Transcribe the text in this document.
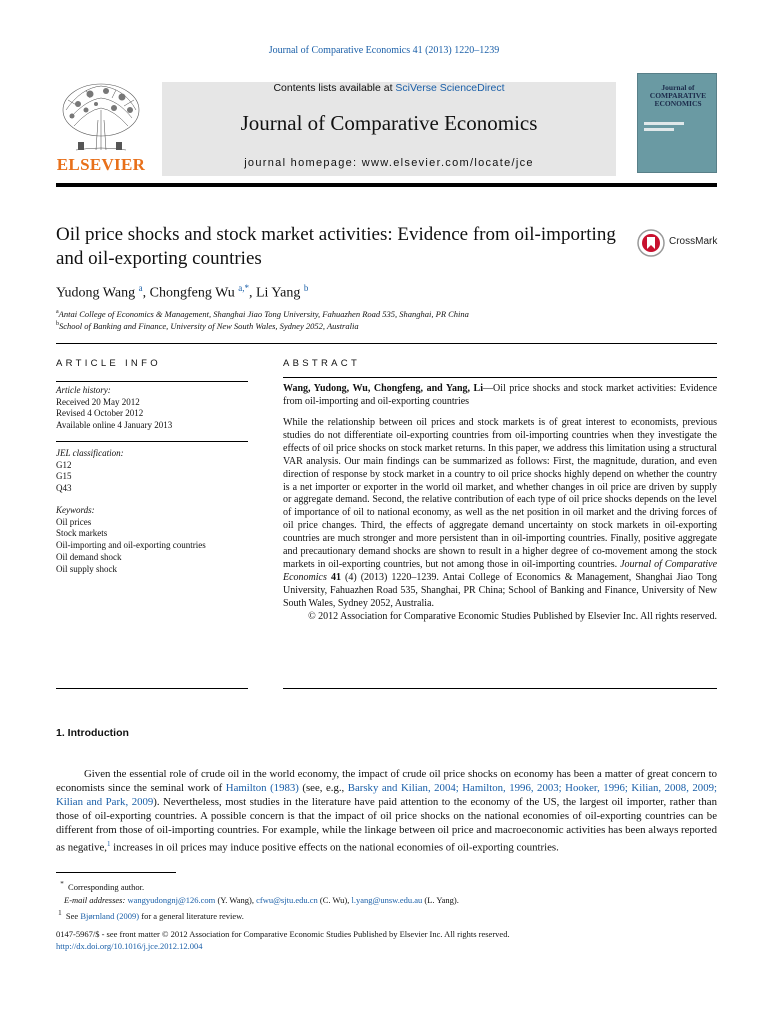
Journal of Comparative Economics 41 (2013) 1220–1239
ELSEVIER
Contents lists available at SciVerse ScienceDirect
Journal of Comparative Economics
journal homepage: www.elsevier.com/locate/jce
Journal of COMPARATIVE ECONOMICS
Oil price shocks and stock market activities: Evidence from oil-importing and oil-exporting countries
CrossMark
Yudong Wang $^a$, Chongfeng Wu $^{a,*}$, Li Yang $^b$
$^a$Antai College of Economics & Management, Shanghai Jiao Tong University, Fahuazhen Road 535, Shanghai, PR China
$^b$School of Banking and Finance, University of New South Wales, Sydney 2052, Australia
ARTICLE INFO
Article history:
Received 20 May 2012
Revised 4 October 2012
Available online 4 January 2013
JEL classification:
G12
G15
Q43
Keywords:
Oil prices
Stock markets
Oil-importing and oil-exporting countries
Oil demand shock
Oil supply shock
ABSTRACT
Wang, Yudong, Wu, Chongfeng, and Yang, Li—Oil price shocks and stock market activities: Evidence from oil-importing and oil-exporting countries
While the relationship between oil prices and stock markets is of great interest to economists, previous studies do not differentiate oil-exporting countries from oil-importing countries when they investigate the effects of oil price shocks on stock market returns. In this paper, we address this limitation using a structural VAR analysis. Our main findings can be summarized as follows: First, the magnitude, duration, and even direction of response by stock market in a country to oil price shocks highly depend on whether the country is a net importer or exporter in the world oil market, and whether changes in oil price are driven by supply or aggregate demand. Second, the relative contribution of each type of oil price shocks depends on the level of importance of oil to national economy, as well as the net position in oil market and the driving forces of oil price changes. Third, the effects of aggregate demand uncertainty on stock markets in oil-exporting countries are much stronger and more persistent than in oil-importing countries. Finally, positive aggregate and precautionary demand shocks are shown to result in a higher degree of co-movement among the stock markets in oil-exporting countries, but not among those in oil-importing countries. Journal of Comparative Economics 41 (4) (2013) 1220–1239. Antai College of Economics & Management, Shanghai Jiao Tong University, Fahuazhen Road 535, Shanghai, PR China; School of Banking and Finance, University of New South Wales, Sydney 2052, Australia.
© 2012 Association for Comparative Economic Studies Published by Elsevier Inc. All rights reserved.
1. Introduction
Given the essential role of crude oil in the world economy, the impact of crude oil price shocks on economy has been a matter of great concern to economists since the seminal work of Hamilton (1983) (see, e.g., Barsky and Kilian, 2004; Hamilton, 1996, 2003; Hooker, 1996; Kilian, 2008, 2009; Kilian and Park, 2009). Nevertheless, most studies in the literature have paid attention to the economy of the US, the largest oil importer, rather than those of oil-exporting countries. A possible concern is that the impact of oil price shocks on the national economies of oil-exporting countries can be different from those of oil-importing countries. For example, while the linkage between oil price and macroeconomic activities has been always reported as negative,$^1$ increases in oil prices may induce positive effects on the national economies of oil-exporting countries.
* Corresponding author.
E-mail addresses: wangyudongnj@126.com (Y. Wang), cfwu@sjtu.edu.cn (C. Wu), l.yang@unsw.edu.au (L. Yang).
$^1$ See Bjørnland (2009) for a general literature review.
0147-5967/$ - see front matter © 2012 Association for Comparative Economic Studies Published by Elsevier Inc. All rights reserved.
http://dx.doi.org/10.1016/j.jce.2012.12.004
